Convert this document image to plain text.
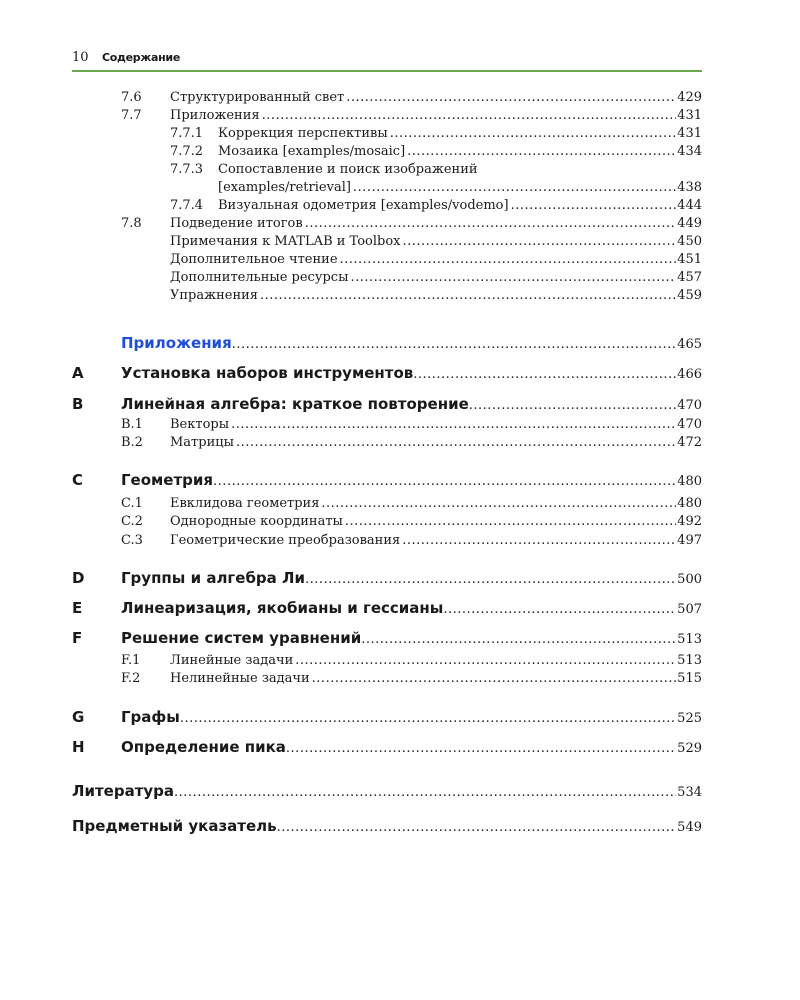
10 Содержание
7.6 Структурированный свет .....	429
7.7 Приложения .....	431
7.7.1 Коррекция перспективы .....	431
7.7.2 Мозаика [examples/mosaic] .....	434
7.7.3 Сопоставление и поиск изображений
[examples/retrieval] .....	438
7.7.4 Визуальная одометрия [examples/vodemo] .....	444
7.8 Подведение итогов .....	449
Примечания к MATLAB и Toolbox .....	450
Дополнительное чтение .....	451
Дополнительные ресурсы .....	457
Упражнения .....	459
Приложения .....	465
A Установка наборов инструментов .....	466
B	Линейная алгебра: краткое повторение .....	470
B.1 Векторы .....	470
B.2 Матрицы .....	472
C	Геометрия .....	480
C.1 Евклидова геометрия .....	480
C.2 Однородные координаты .....	492
C.3 Геометрические преобразования .....	497
D Группы и алгебра Ли .....	500
E	Линеаризация, якобианы и гессианы .....	507
F	Решение систем уравнений .....	513
F.1 Линейные задачи .....	513
F.2 Нелинейные задачи .....	515
G Графы .....	525
H Определение пика .....	529
Литература .....	534
Предметный указатель .....	549
